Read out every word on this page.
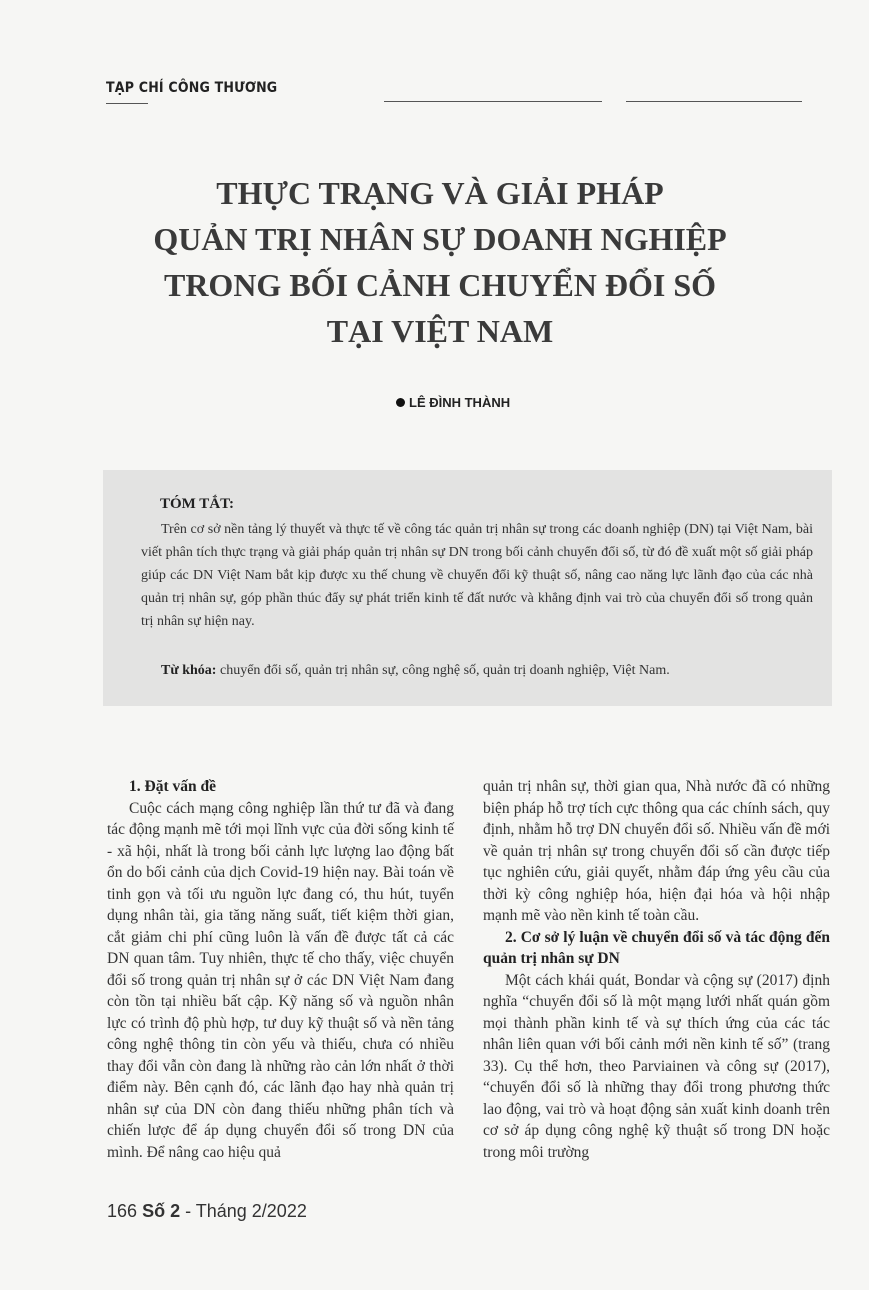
TẠP CHÍ CÔNG THƯƠNG
THỰC TRẠNG VÀ GIẢI PHÁP
QUẢN TRỊ NHÂN SỰ DOANH NGHIỆP
TRONG BỐI CẢNH CHUYỂN ĐỔI SỐ
TẠI VIỆT NAM
LÊ ĐÌNH THÀNH
TÓM TẮT:
Trên cơ sở nền tảng lý thuyết và thực tế về công tác quản trị nhân sự trong các doanh nghiệp (DN) tại Việt Nam, bài viết phân tích thực trạng và giải pháp quản trị nhân sự DN trong bối cảnh chuyển đổi số, từ đó đề xuất một số giải pháp giúp các DN Việt Nam bắt kịp được xu thế chung về chuyển đổi kỹ thuật số, nâng cao năng lực lãnh đạo của các nhà quản trị nhân sự, góp phần thúc đẩy sự phát triển kinh tế đất nước và khẳng định vai trò của chuyển đổi số trong quản trị nhân sự hiện nay.
Từ khóa: chuyển đổi số, quản trị nhân sự, công nghệ số, quản trị doanh nghiệp, Việt Nam.
1. Đặt vấn đề

Cuộc cách mạng công nghiệp lần thứ tư đã và đang tác động mạnh mẽ tới mọi lĩnh vực của đời sống kinh tế - xã hội, nhất là trong bối cảnh lực lượng lao động bất ổn do bối cảnh của dịch Covid-19 hiện nay. Bài toán về tinh gọn và tối ưu nguồn lực đang có, thu hút, tuyển dụng nhân tài, gia tăng năng suất, tiết kiệm thời gian, cắt giảm chi phí cũng luôn là vấn đề được tất cả các DN quan tâm. Tuy nhiên, thực tế cho thấy, việc chuyển đổi số trong quản trị nhân sự ở các DN Việt Nam đang còn tồn tại nhiều bất cập. Kỹ năng số và nguồn nhân lực có trình độ phù hợp, tư duy kỹ thuật số và nền tảng công nghệ thông tin còn yếu và thiếu, chưa có nhiều thay đổi vẫn còn đang là những rào cản lớn nhất ở thời điểm này. Bên cạnh đó, các lãnh đạo hay nhà quản trị nhân sự của DN còn đang thiếu những phân tích và chiến lược để áp dụng chuyển đổi số trong DN của mình. Để nâng cao hiệu quả

quản trị nhân sự, thời gian qua, Nhà nước đã có những biện pháp hỗ trợ tích cực thông qua các chính sách, quy định, nhằm hỗ trợ DN chuyển đổi số. Nhiều vấn đề mới về quản trị nhân sự trong chuyển đổi số cần được tiếp tục nghiên cứu, giải quyết, nhằm đáp ứng yêu cầu của thời kỳ công nghiệp hóa, hiện đại hóa và hội nhập mạnh mẽ vào nền kinh tế toàn cầu.

2. Cơ sở lý luận về chuyển đổi số và tác động đến quản trị nhân sự DN

Một cách khái quát, Bondar và cộng sự (2017) định nghĩa “chuyển đổi số là một mạng lưới nhất quán gồm mọi thành phần kinh tế và sự thích ứng của các tác nhân liên quan với bối cảnh mới nền kinh tế số” (trang 33). Cụ thể hơn, theo Parviainen và công sự (2017), “chuyển đổi số là những thay đổi trong phương thức lao động, vai trò và hoạt động sản xuất kinh doanh trên cơ sở áp dụng công nghệ kỹ thuật số trong DN hoặc trong môi trường

166 Số 2 - Tháng 2/2022
